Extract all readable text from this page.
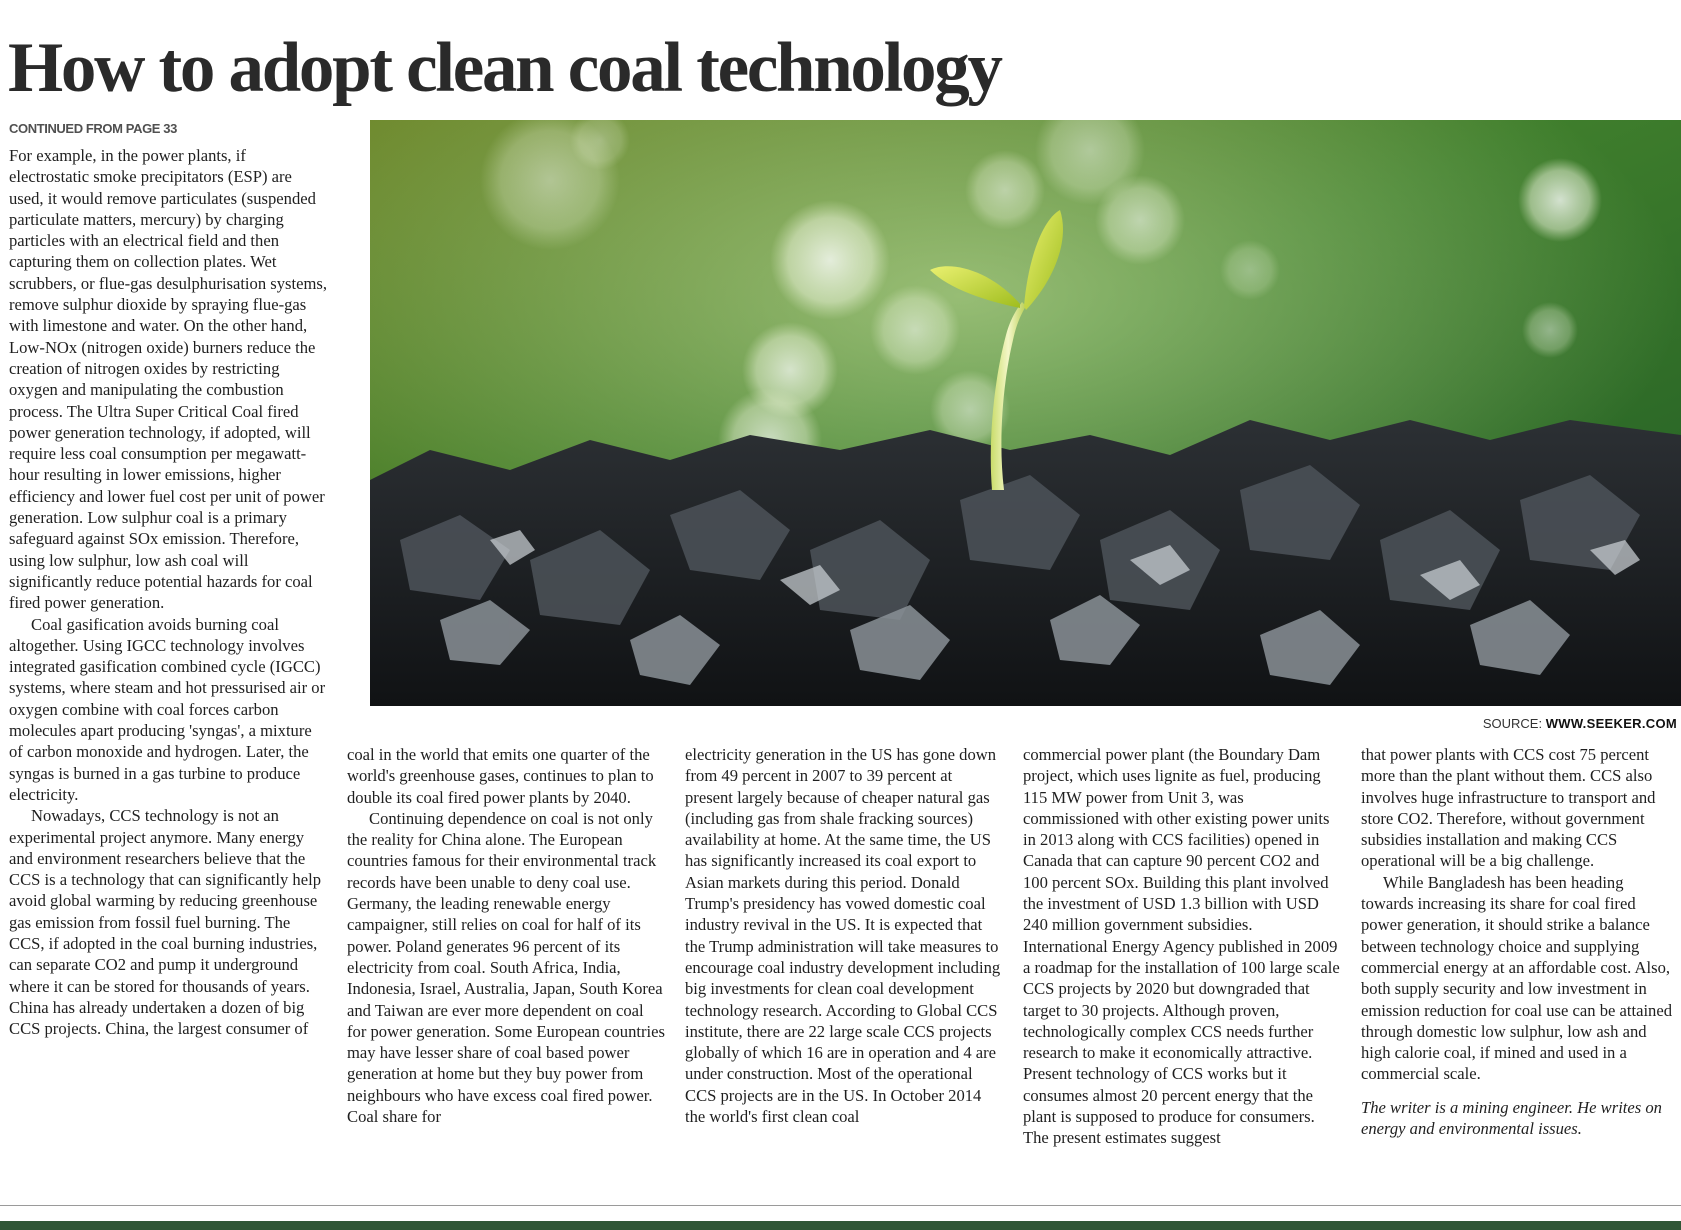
How to adopt clean coal technology
CONTINUED FROM PAGE 33
SOURCE: WWW.SEEKER.COM

For example, in the power plants, if electrostatic smoke precipitators (ESP) are used, it would remove particulates (suspended particulate matters, mercury) by charging particles with an electrical field and then capturing them on collection plates. Wet scrubbers, or flue-gas desulphurisation systems, remove sulphur dioxide by spraying flue-gas with limestone and water. On the other hand, Low-NOx (nitrogen oxide) burners reduce the creation of nitrogen oxides by restricting oxygen and manipulating the combustion process. The Ultra Super Critical Coal fired power generation technology, if adopted, will require less coal consumption per megawatt-hour resulting in lower emissions, higher efficiency and lower fuel cost per unit of power generation. Low sulphur coal is a primary safeguard against SOx emission. Therefore, using low sulphur, low ash coal will significantly reduce potential hazards for coal fired power generation.

Coal gasification avoids burning coal altogether. Using IGCC technology involves integrated gasification combined cycle (IGCC) systems, where steam and hot pressurised air or oxygen combine with coal forces carbon molecules apart producing 'syngas', a mixture of carbon monoxide and hydrogen. Later, the syngas is burned in a gas turbine to produce electricity.

Nowadays, CCS technology is not an experimental project anymore. Many energy and environment researchers believe that the CCS is a technology that can significantly help avoid global warming by reducing greenhouse gas emission from fossil fuel burning. The CCS, if adopted in the coal burning industries, can separate CO2 and pump it underground where it can be stored for thousands of years. China has already undertaken a dozen of big CCS projects. China, the largest consumer of

coal in the world that emits one quarter of the world's greenhouse gases, continues to plan to double its coal fired power plants by 2040.

Continuing dependence on coal is not only the reality for China alone. The European countries famous for their environmental track records have been unable to deny coal use. Germany, the leading renewable energy campaigner, still relies on coal for half of its power. Poland generates 96 percent of its electricity from coal. South Africa, India, Indonesia, Israel, Australia, Japan, South Korea and Taiwan are ever more dependent on coal for power generation. Some European countries may have lesser share of coal based power generation at home but they buy power from neighbours who have excess coal fired power. Coal share for

electricity generation in the US has gone down from 49 percent in 2007 to 39 percent at present largely because of cheaper natural gas (including gas from shale fracking sources) availability at home. At the same time, the US has significantly increased its coal export to Asian markets during this period. Donald Trump's presidency has vowed domestic coal industry revival in the US. It is expected that the Trump administration will take measures to encourage coal industry development including big investments for clean coal development technology research. According to Global CCS institute, there are 22 large scale CCS projects globally of which 16 are in operation and 4 are under construction. Most of the operational CCS projects are in the US. In October 2014 the world's first clean coal

commercial power plant (the Boundary Dam project, which uses lignite as fuel, producing 115 MW power from Unit 3, was commissioned with other existing power units in 2013 along with CCS facilities) opened in Canada that can capture 90 percent CO2 and 100 percent SOx. Building this plant involved the investment of USD 1.3 billion with USD 240 million government subsidies. International Energy Agency published in 2009 a roadmap for the installation of 100 large scale CCS projects by 2020 but downgraded that target to 30 projects. Although proven, technologically complex CCS needs further research to make it economically attractive. Present technology of CCS works but it consumes almost 20 percent energy that the plant is supposed to produce for consumers. The present estimates suggest

that power plants with CCS cost 75 percent more than the plant without them. CCS also involves huge infrastructure to transport and store CO2. Therefore, without government subsidies installation and making CCS operational will be a big challenge.

While Bangladesh has been heading towards increasing its share for coal fired power generation, it should strike a balance between technology choice and supplying commercial energy at an affordable cost. Also, both supply security and low investment in emission reduction for coal use can be attained through domestic low sulphur, low ash and high calorie coal, if mined and used in a commercial scale.

The writer is a mining engineer. He writes on energy and environmental issues.
